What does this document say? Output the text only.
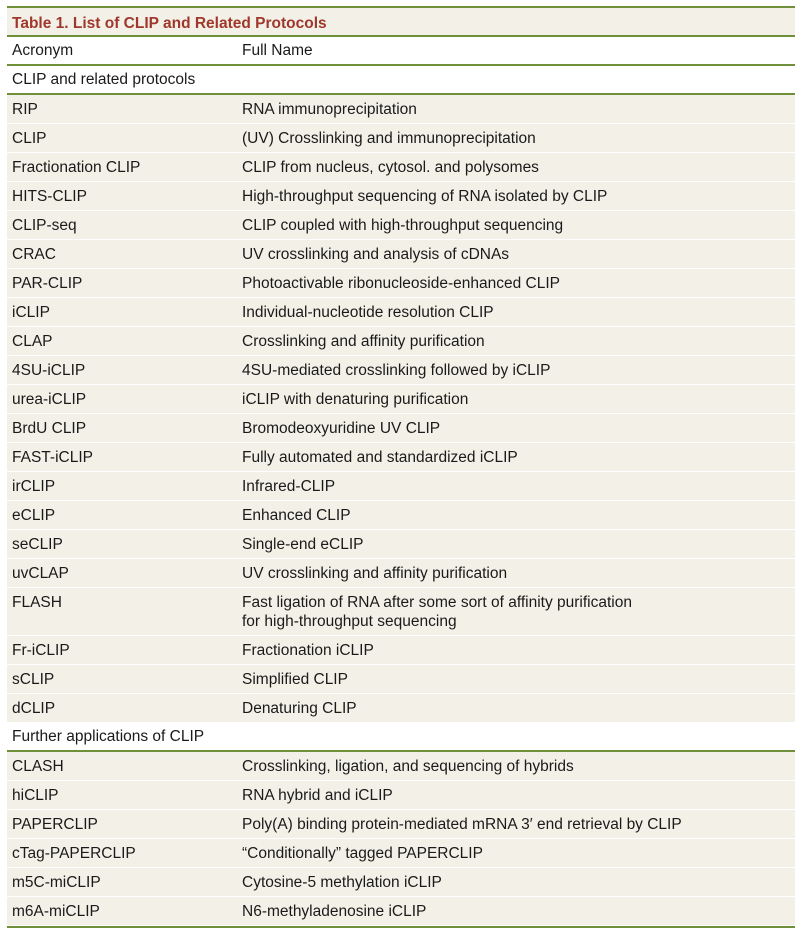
Table 1. List of CLIP and Related Protocols
Acronym	Full Name
CLIP and related protocols
RIP	RNA immunoprecipitation
CLIP	(UV) Crosslinking and immunoprecipitation
Fractionation CLIP	CLIP from nucleus, cytosol. and polysomes
HITS-CLIP	High-throughput sequencing of RNA isolated by CLIP
CLIP-seq	CLIP coupled with high-throughput sequencing
CRAC	UV crosslinking and analysis of cDNAs
PAR-CLIP	Photoactivable ribonucleoside-enhanced CLIP
iCLIP	Individual-nucleotide resolution CLIP
CLAP	Crosslinking and affinity purification
4SU-iCLIP	4SU-mediated crosslinking followed by iCLIP
urea-iCLIP	iCLIP with denaturing purification
BrdU CLIP	Bromodeoxyuridine UV CLIP
FAST-iCLIP	Fully automated and standardized iCLIP
irCLIP	Infrared-CLIP
eCLIP	Enhanced CLIP
seCLIP	Single-end eCLIP
uvCLAP	UV crosslinking and affinity purification
FLASH	Fast ligation of RNA after some sort of affinity purification
for high-throughput sequencing
Fr-iCLIP	Fractionation iCLIP
sCLIP	Simplified CLIP
dCLIP	Denaturing CLIP
Further applications of CLIP
CLASH	Crosslinking, ligation, and sequencing of hybrids
hiCLIP	RNA hybrid and iCLIP
PAPERCLIP	Poly(A) binding protein-mediated mRNA 3′ end retrieval by CLIP
cTag-PAPERCLIP	“Conditionally” tagged PAPERCLIP
m5C-miCLIP	Cytosine-5 methylation iCLIP
m6A-miCLIP	N6-methyladenosine iCLIP
